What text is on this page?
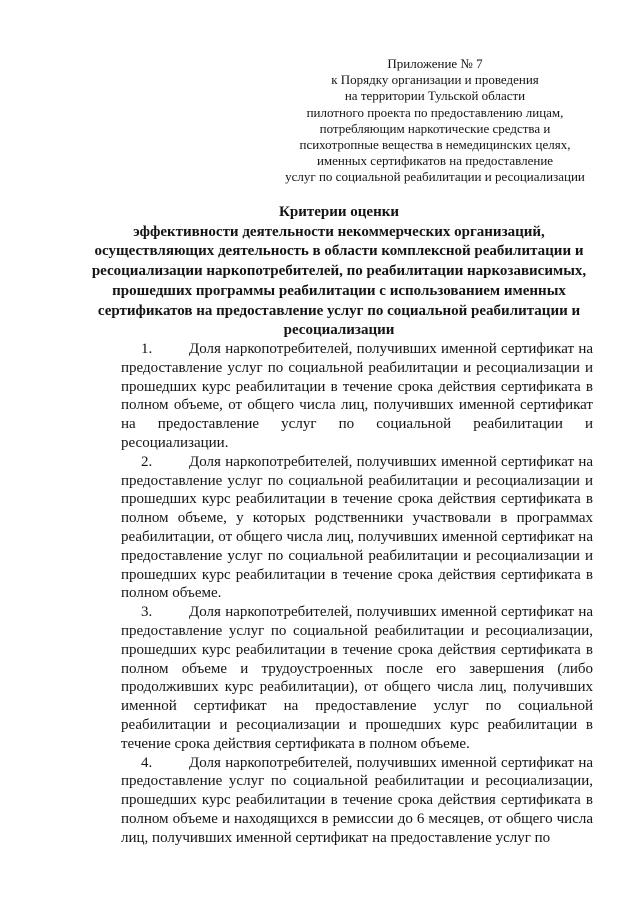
Приложение № 7
к Порядку организации и проведения
на территории Тульской области
пилотного проекта по предоставлению лицам,
потребляющим наркотические средства и
психотропные вещества в немедицинских целях,
именных сертификатов на предоставление
услуг по социальной реабилитации и ресоциализации
Критерии оценки
эффективности деятельности некоммерческих организаций,
осуществляющих деятельность в области комплексной реабилитации и
ресоциализации наркопотребителей, по реабилитации наркозависимых,
прошедших программы реабилитации с использованием именных
сертификатов на предоставление услуг по социальной реабилитации и
ресоциализации

1. Доля наркопотребителей, получивших именной сертификат на предоставление услуг по социальной реабилитации и ресоциализации и прошедших курс реабилитации в течение срока действия сертификата в полном объеме, от общего числа лиц, получивших именной сертификат на предоставление услуг по социальной реабилитации и ресоциализации.

2. Доля наркопотребителей, получивших именной сертификат на предоставление услуг по социальной реабилитации и ресоциализации и прошедших курс реабилитации в течение срока действия сертификата в полном объеме, у которых родственники участвовали в программах реабилитации, от общего числа лиц, получивших именной сертификат на предоставление услуг по социальной реабилитации и ресоциализации и прошедших курс реабилитации в течение срока действия сертификата в полном объеме.

3. Доля наркопотребителей, получивших именной сертификат на предоставление услуг по социальной реабилитации и ресоциализации, прошедших курс реабилитации в течение срока действия сертификата в полном объеме и трудоустроенных после его завершения (либо продолживших курс реабилитации), от общего числа лиц, получивших именной сертификат на предоставление услуг по социальной реабилитации и ресоциализации и прошедших курс реабилитации в течение срока действия сертификата в полном объеме.

4. Доля наркопотребителей, получивших именной сертификат на предоставление услуг по социальной реабилитации и ресоциализации, прошедших курс реабилитации в течение срока действия сертификата в полном объеме и находящихся в ремиссии до 6 месяцев, от общего числа лиц, получивших именной сертификат на предоставление услуг по
